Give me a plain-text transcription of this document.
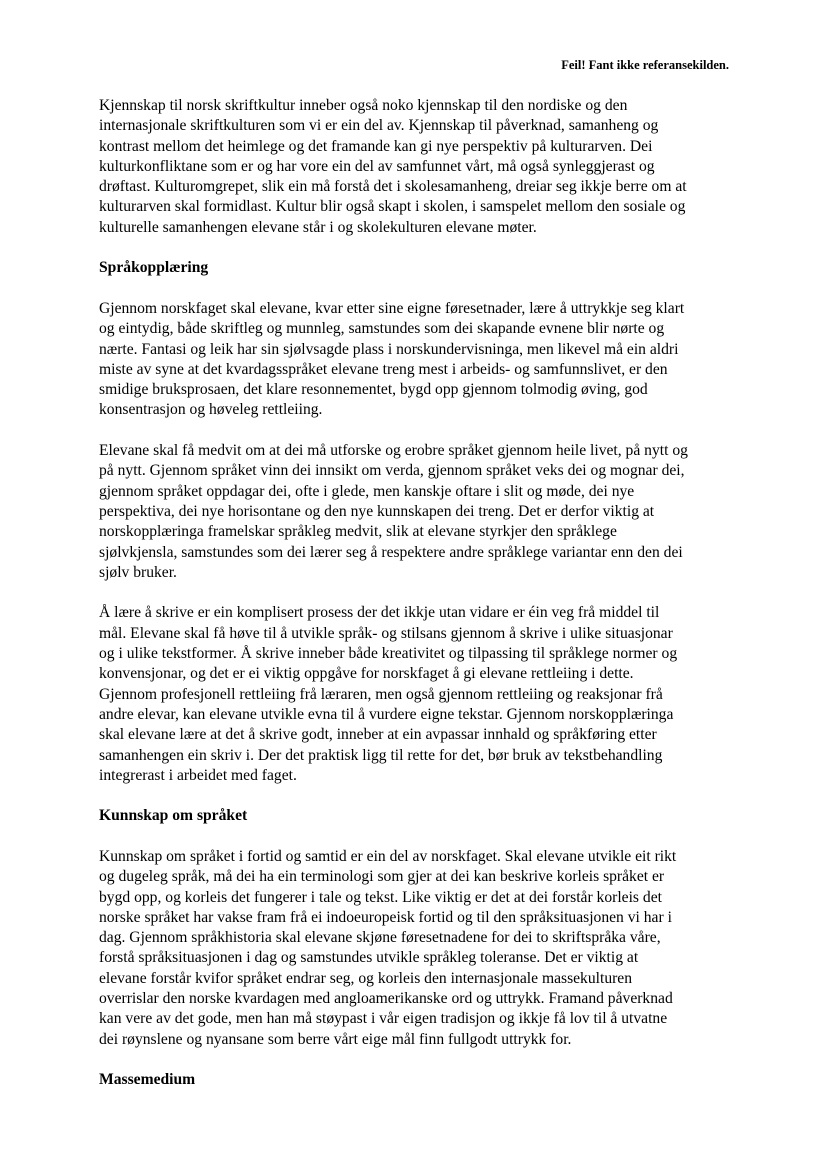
Feil! Fant ikke referansekilden.

Kjennskap til norsk skriftkultur inneber også noko kjennskap til den nordiske og den
internasjonale skriftkulturen som vi er ein del av. Kjennskap til påverknad, samanheng og
kontrast mellom det heimlege og det framande kan gi nye perspektiv på kulturarven. Dei
kulturkonfliktane som er og har vore ein del av samfunnet vårt, må også synleggjerast og
drøftast. Kulturomgrepet, slik ein må forstå det i skolesamanheng, dreiar seg ikkje berre om at
kulturarven skal formidlast. Kultur blir også skapt i skolen, i samspelet mellom den sosiale og
kulturelle samanhengen elevane står i og skolekulturen elevane møter.

Språkopplæring

Gjennom norskfaget skal elevane, kvar etter sine eigne føresetnader, lære å uttrykkje seg klart
og eintydig, både skriftleg og munnleg, samstundes som dei skapande evnene blir nørte og
nærte. Fantasi og leik har sin sjølvsagde plass i norskundervisninga, men likevel må ein aldri
miste av syne at det kvardagsspråket elevane treng mest i arbeids- og samfunnslivet, er den
smidige bruksprosaen, det klare resonnementet, bygd opp gjennom tolmodig øving, god
konsentrasjon og høveleg rettleiing.

Elevane skal få medvit om at dei må utforske og erobre språket gjennom heile livet, på nytt og
på nytt. Gjennom språket vinn dei innsikt om verda, gjennom språket veks dei og mognar dei,
gjennom språket oppdagar dei, ofte i glede, men kanskje oftare i slit og møde, dei nye
perspektiva, dei nye horisontane og den nye kunnskapen dei treng. Det er derfor viktig at
norskopplæringa framelskar språkleg medvit, slik at elevane styrkjer den språklege
sjølvkjensla, samstundes som dei lærer seg å respektere andre språklege variantar enn den dei
sjølv bruker.

Å lære å skrive er ein komplisert prosess der det ikkje utan vidare er éin veg frå middel til
mål. Elevane skal få høve til å utvikle språk- og stilsans gjennom å skrive i ulike situasjonar
og i ulike tekstformer. Å skrive inneber både kreativitet og tilpassing til språklege normer og
konvensjonar, og det er ei viktig oppgåve for norskfaget å gi elevane rettleiing i dette.
Gjennom profesjonell rettleiing frå læraren, men også gjennom rettleiing og reaksjonar frå
andre elevar, kan elevane utvikle evna til å vurdere eigne tekstar. Gjennom norskopplæringa
skal elevane lære at det å skrive godt, inneber at ein avpassar innhald og språkføring etter
samanhengen ein skriv i. Der det praktisk ligg til rette for det, bør bruk av tekstbehandling
integrerast i arbeidet med faget.

Kunnskap om språket

Kunnskap om språket i fortid og samtid er ein del av norskfaget. Skal elevane utvikle eit rikt
og dugeleg språk, må dei ha ein terminologi som gjer at dei kan beskrive korleis språket er
bygd opp, og korleis det fungerer i tale og tekst. Like viktig er det at dei forstår korleis det
norske språket har vakse fram frå ei indoeuropeisk fortid og til den språksituasjonen vi har i
dag. Gjennom språkhistoria skal elevane skjøne føresetnadene for dei to skriftspråka våre,
forstå språksituasjonen i dag og samstundes utvikle språkleg toleranse. Det er viktig at
elevane forstår kvifor språket endrar seg, og korleis den internasjonale massekulturen
overrislar den norske kvardagen med angloamerikanske ord og uttrykk. Framand påverknad
kan vere av det gode, men han må støypast i vår eigen tradisjon og ikkje få lov til å utvatne
dei røynslene og nyansane som berre vårt eige mål finn fullgodt uttrykk for.

Massemedium
